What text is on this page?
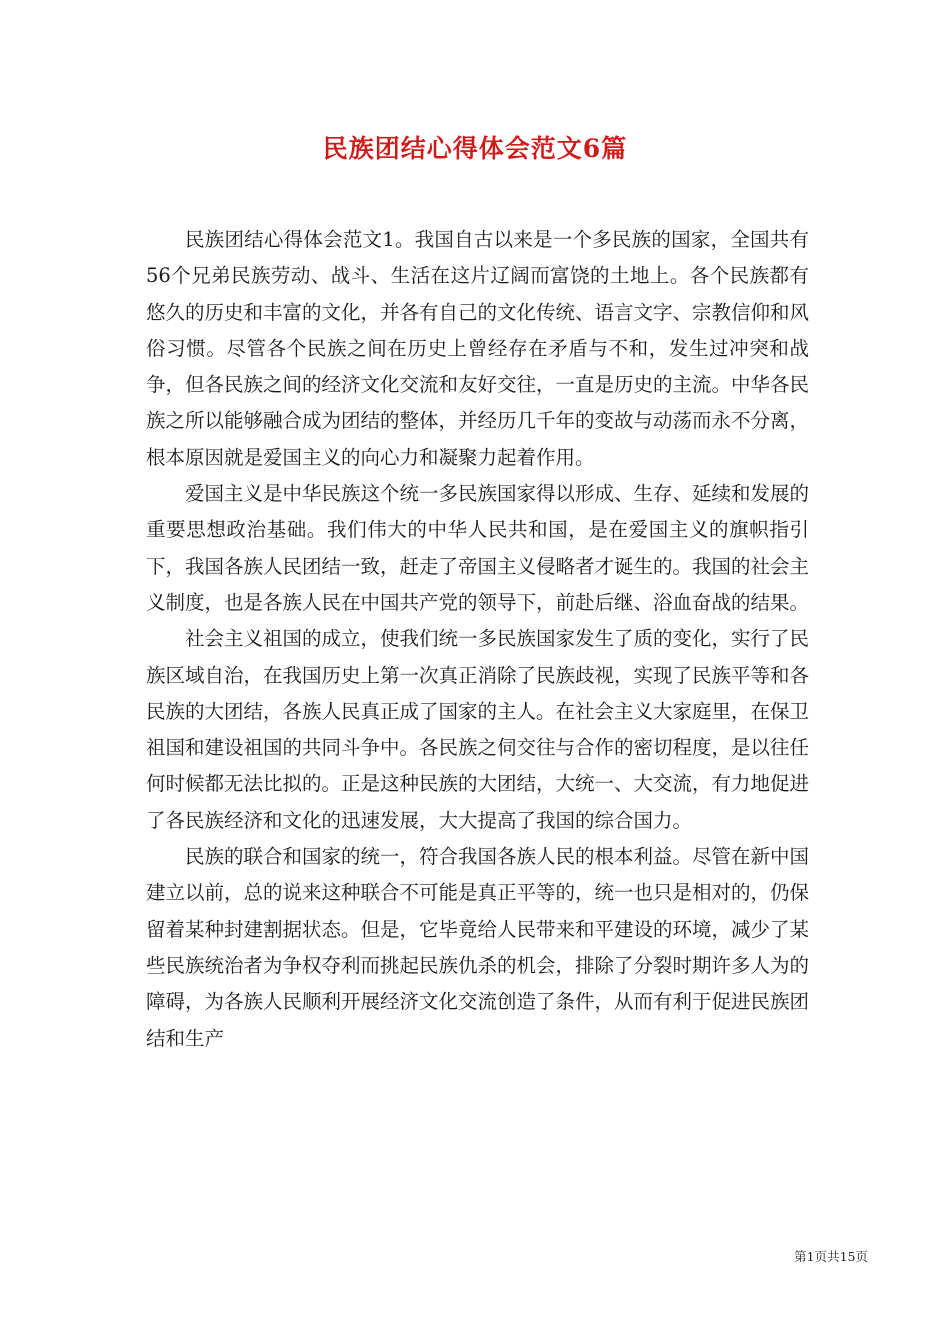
民族团结心得体会范文6篇

民族团结心得体会范文1。我国自古以来是一个多民族的国家，全国共有56个兄弟民族劳动、战斗、生活在这片辽阔而富饶的土地上。各个民族都有悠久的历史和丰富的文化，并各有自己的文化传统、语言文字、宗教信仰和风俗习惯。尽管各个民族之间在历史上曾经存在矛盾与不和，发生过冲突和战争，但各民族之间的经济文化交流和友好交往，一直是历史的主流。中华各民族之所以能够融合成为团结的整体，并经历几千年的变故与动荡而永不分离，根本原因就是爱国主义的向心力和凝聚力起着作用。

爱国主义是中华民族这个统一多民族国家得以形成、生存、延续和发展的重要思想政治基础。我们伟大的中华人民共和国，是在爱国主义的旗帜指引下，我国各族人民团结一致，赶走了帝国主义侵略者才诞生的。我国的社会主义制度，也是各族人民在中国共产党的领导下，前赴后继、浴血奋战的结果。

社会主义祖国的成立，使我们统一多民族国家发生了质的变化，实行了民族区域自治，在我国历史上第一次真正消除了民族歧视，实现了民族平等和各民族的大团结，各族人民真正成了国家的主人。在社会主义大家庭里，在保卫祖国和建设祖国的共同斗争中。各民族之伺交往与合作的密切程度，是以往任何时候都无法比拟的。正是这种民族的大团结，大统一、大交流，有力地促进了各民族经济和文化的迅速发展，大大提高了我国的综合国力。

民族的联合和国家的统一，符合我国各族人民的根本利益。尽管在新中国建立以前，总的说来这种联合不可能是真正平等的，统一也只是相对的，仍保留着某种封建割据状态。但是，它毕竟给人民带来和平建设的环境，减少了某些民族统治者为争权夺利而挑起民族仇杀的机会，排除了分裂时期许多人为的障碍，为各族人民顺利开展经济文化交流创造了条件，从而有利于促进民族团结和生产

第1页共15页
